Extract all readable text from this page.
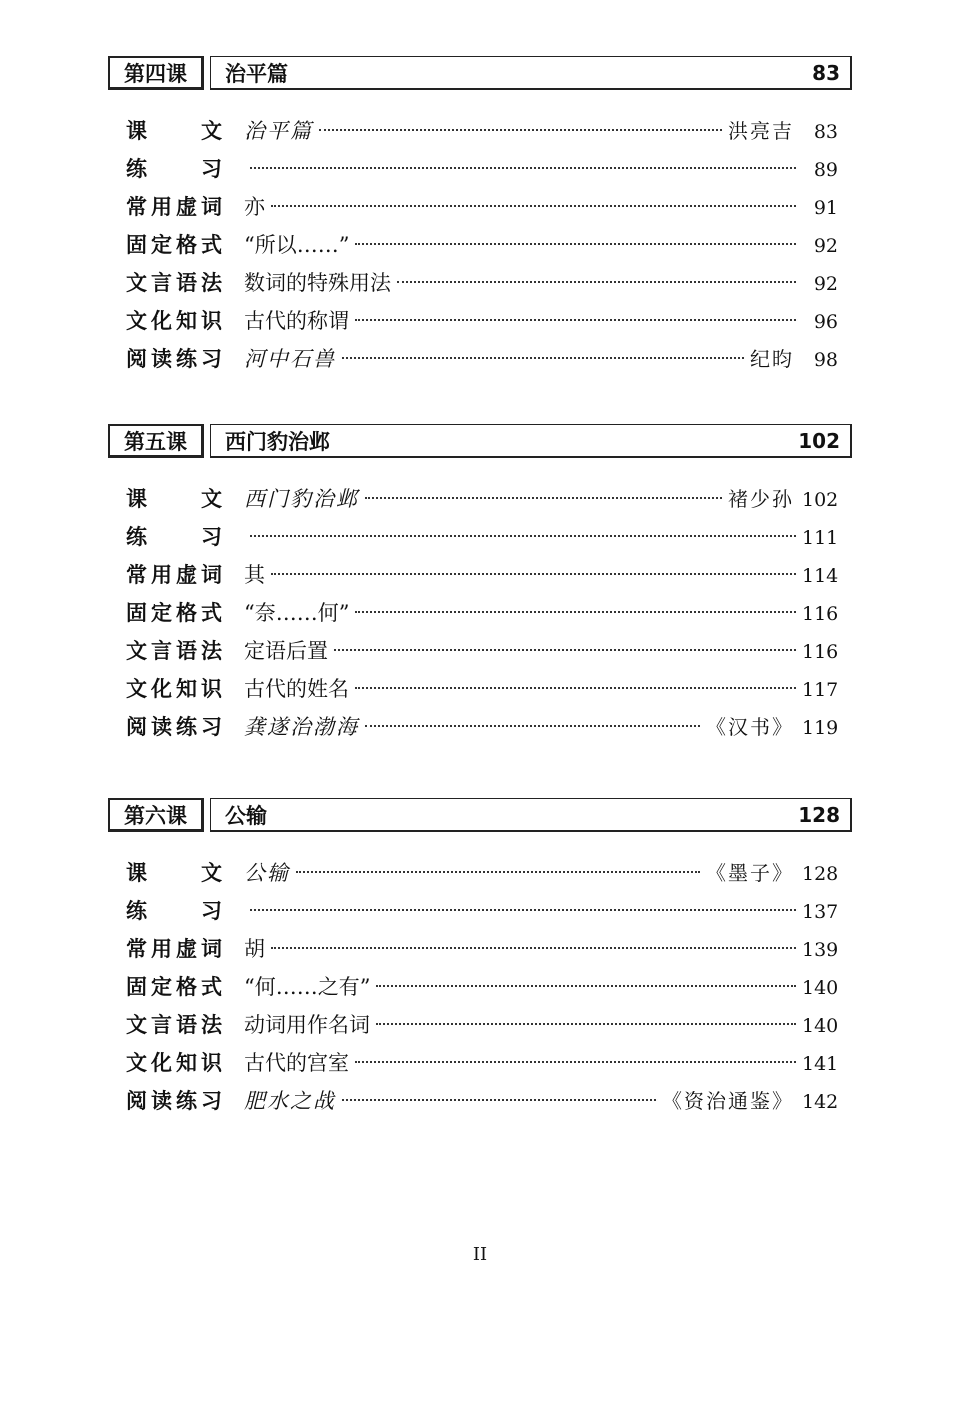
第四课	治平篇	83
课　文 治平篇	洪亮吉	83
练　习	89
常用虚词 亦	91
固定格式 “所以……”	92
文言语法 数词的特殊用法	92
文化知识 古代的称谓	96
阅读练习 河中石兽	纪昀	98
第五课	西门豹治邺	102
课　文 西门豹治邺	褚少孙 102
练　习	111
常用虚词 其	114
固定格式 “奈……何”	116
文言语法 定语后置	116
文化知识 古代的姓名	117
阅读练习 龚遂治渤海	《汉书》 119
第六课	公输	128
课　文 公输	《墨子》 128
练　习	137
常用虚词 胡	139
固定格式 “何……之有”	140
文言语法 动词用作名词	140
文化知识 古代的宫室	141
阅读练习 肥水之战	《资治通鉴》 142
II
